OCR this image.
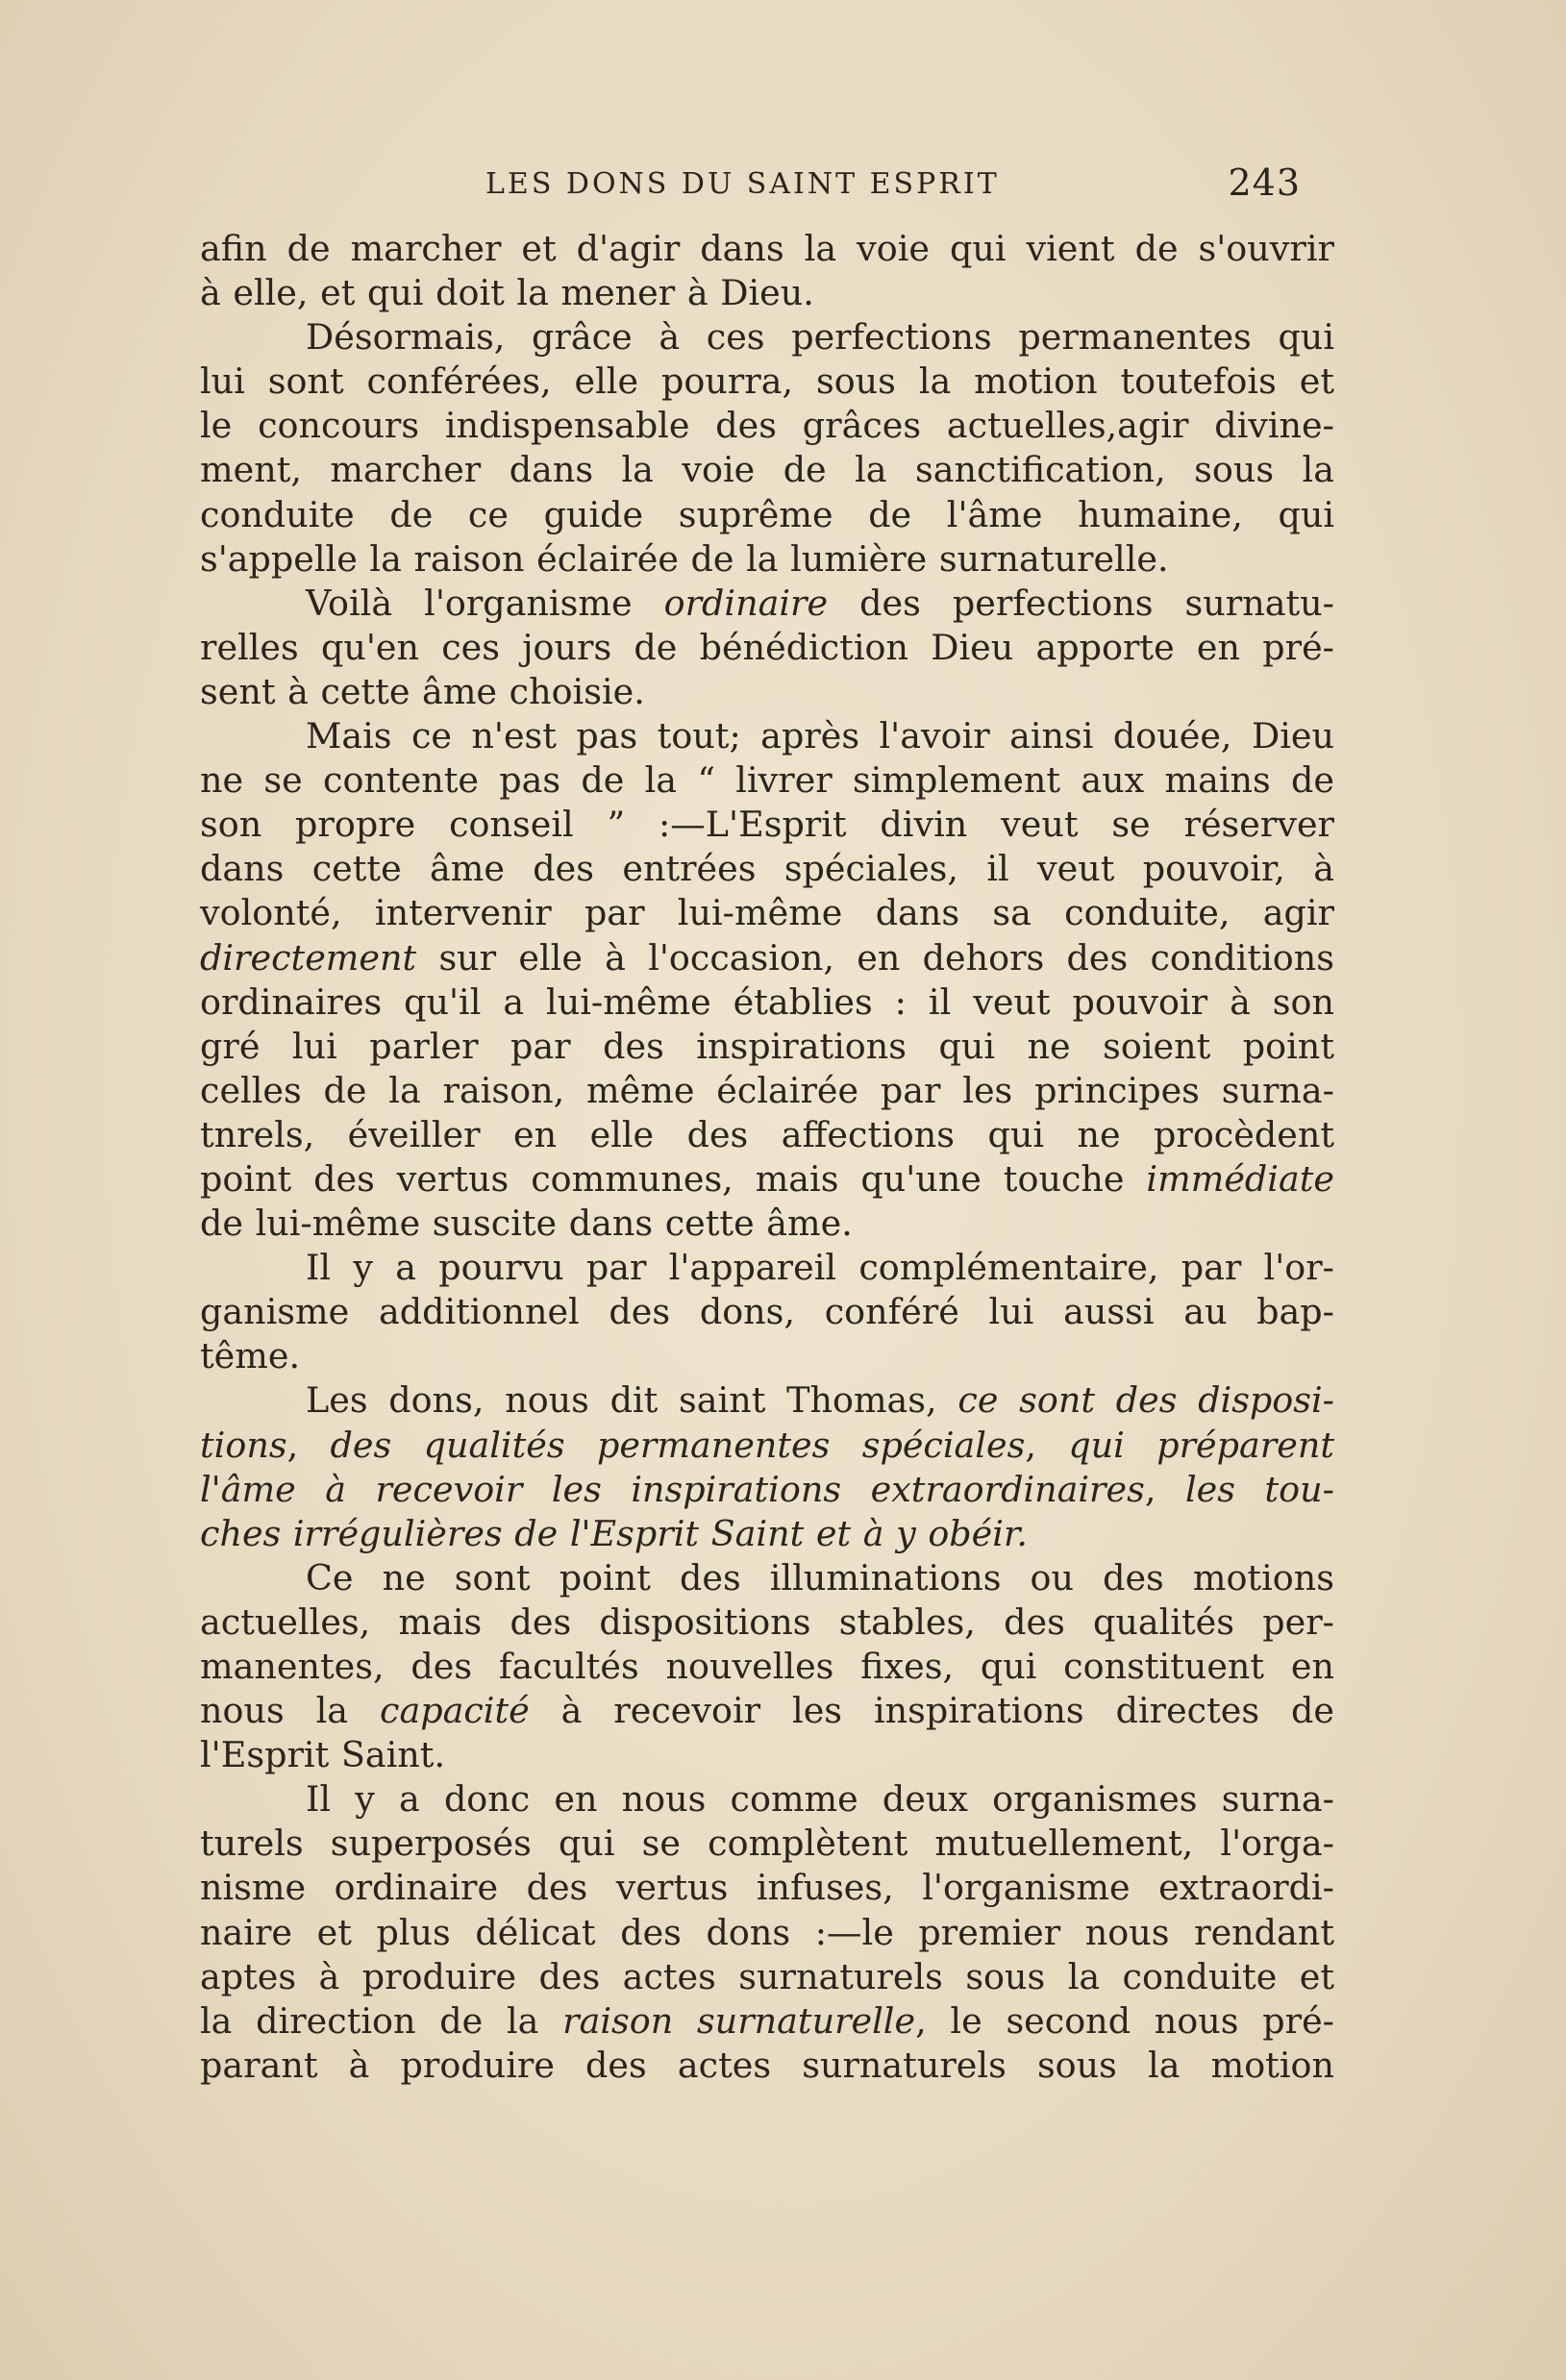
LES DONS DU SAINT ESPRIT	243
afin de marcher et d'agir dans la voie qui vient de s'ouvrir
à elle, et qui doit la mener à Dieu.
Désormais, grâce à ces perfections permanentes qui
lui sont conférées, elle pourra, sous la motion toutefois et
le concours indispensable des grâces actuelles,agir divine-
ment, marcher dans la voie de la sanctification, sous la
conduite de ce guide suprême de l'âme humaine, qui
s'appelle la raison éclairée de la lumière surnaturelle.
Voilà l'organisme ordinaire des perfections surnatu-
relles qu'en ces jours de bénédiction Dieu apporte en pré-
sent à cette âme choisie.
Mais ce n'est pas tout; après l'avoir ainsi douée, Dieu
ne se contente pas de la “ livrer simplement aux mains de
son propre conseil ” :—L'Esprit divin veut se réserver
dans cette âme des entrées spéciales, il veut pouvoir, à
volonté, intervenir par lui-même dans sa conduite, agir
directement sur elle à l'occasion, en dehors des conditions
ordinaires qu'il a lui-même établies : il veut pouvoir à son
gré lui parler par des inspirations qui ne soient point
celles de la raison, même éclairée par les principes surna-
tnrels, éveiller en elle des affections qui ne procèdent
point des vertus communes, mais qu'une touche immédiate
de lui-même suscite dans cette âme.
Il y a pourvu par l'appareil complémentaire, par l'or-
ganisme additionnel des dons, conféré lui aussi au bap-
tême.
Les dons, nous dit saint Thomas, ce sont des disposi-
tions, des qualités permanentes spéciales, qui préparent
l'âme à recevoir les inspirations extraordinaires, les tou-
ches irrégulières de l'Esprit Saint et à y obéir.
Ce ne sont point des illuminations ou des motions
actuelles, mais des dispositions stables, des qualités per-
manentes, des facultés nouvelles fixes, qui constituent en
nous la capacité à recevoir les inspirations directes de
l'Esprit Saint.
Il y a donc en nous comme deux organismes surna-
turels superposés qui se complètent mutuellement, l'orga-
nisme ordinaire des vertus infuses, l'organisme extraordi-
naire et plus délicat des dons :—le premier nous rendant
aptes à produire des actes surnaturels sous la conduite et
la direction de la raison surnaturelle, le second nous pré-
parant à produire des actes surnaturels sous la motion
